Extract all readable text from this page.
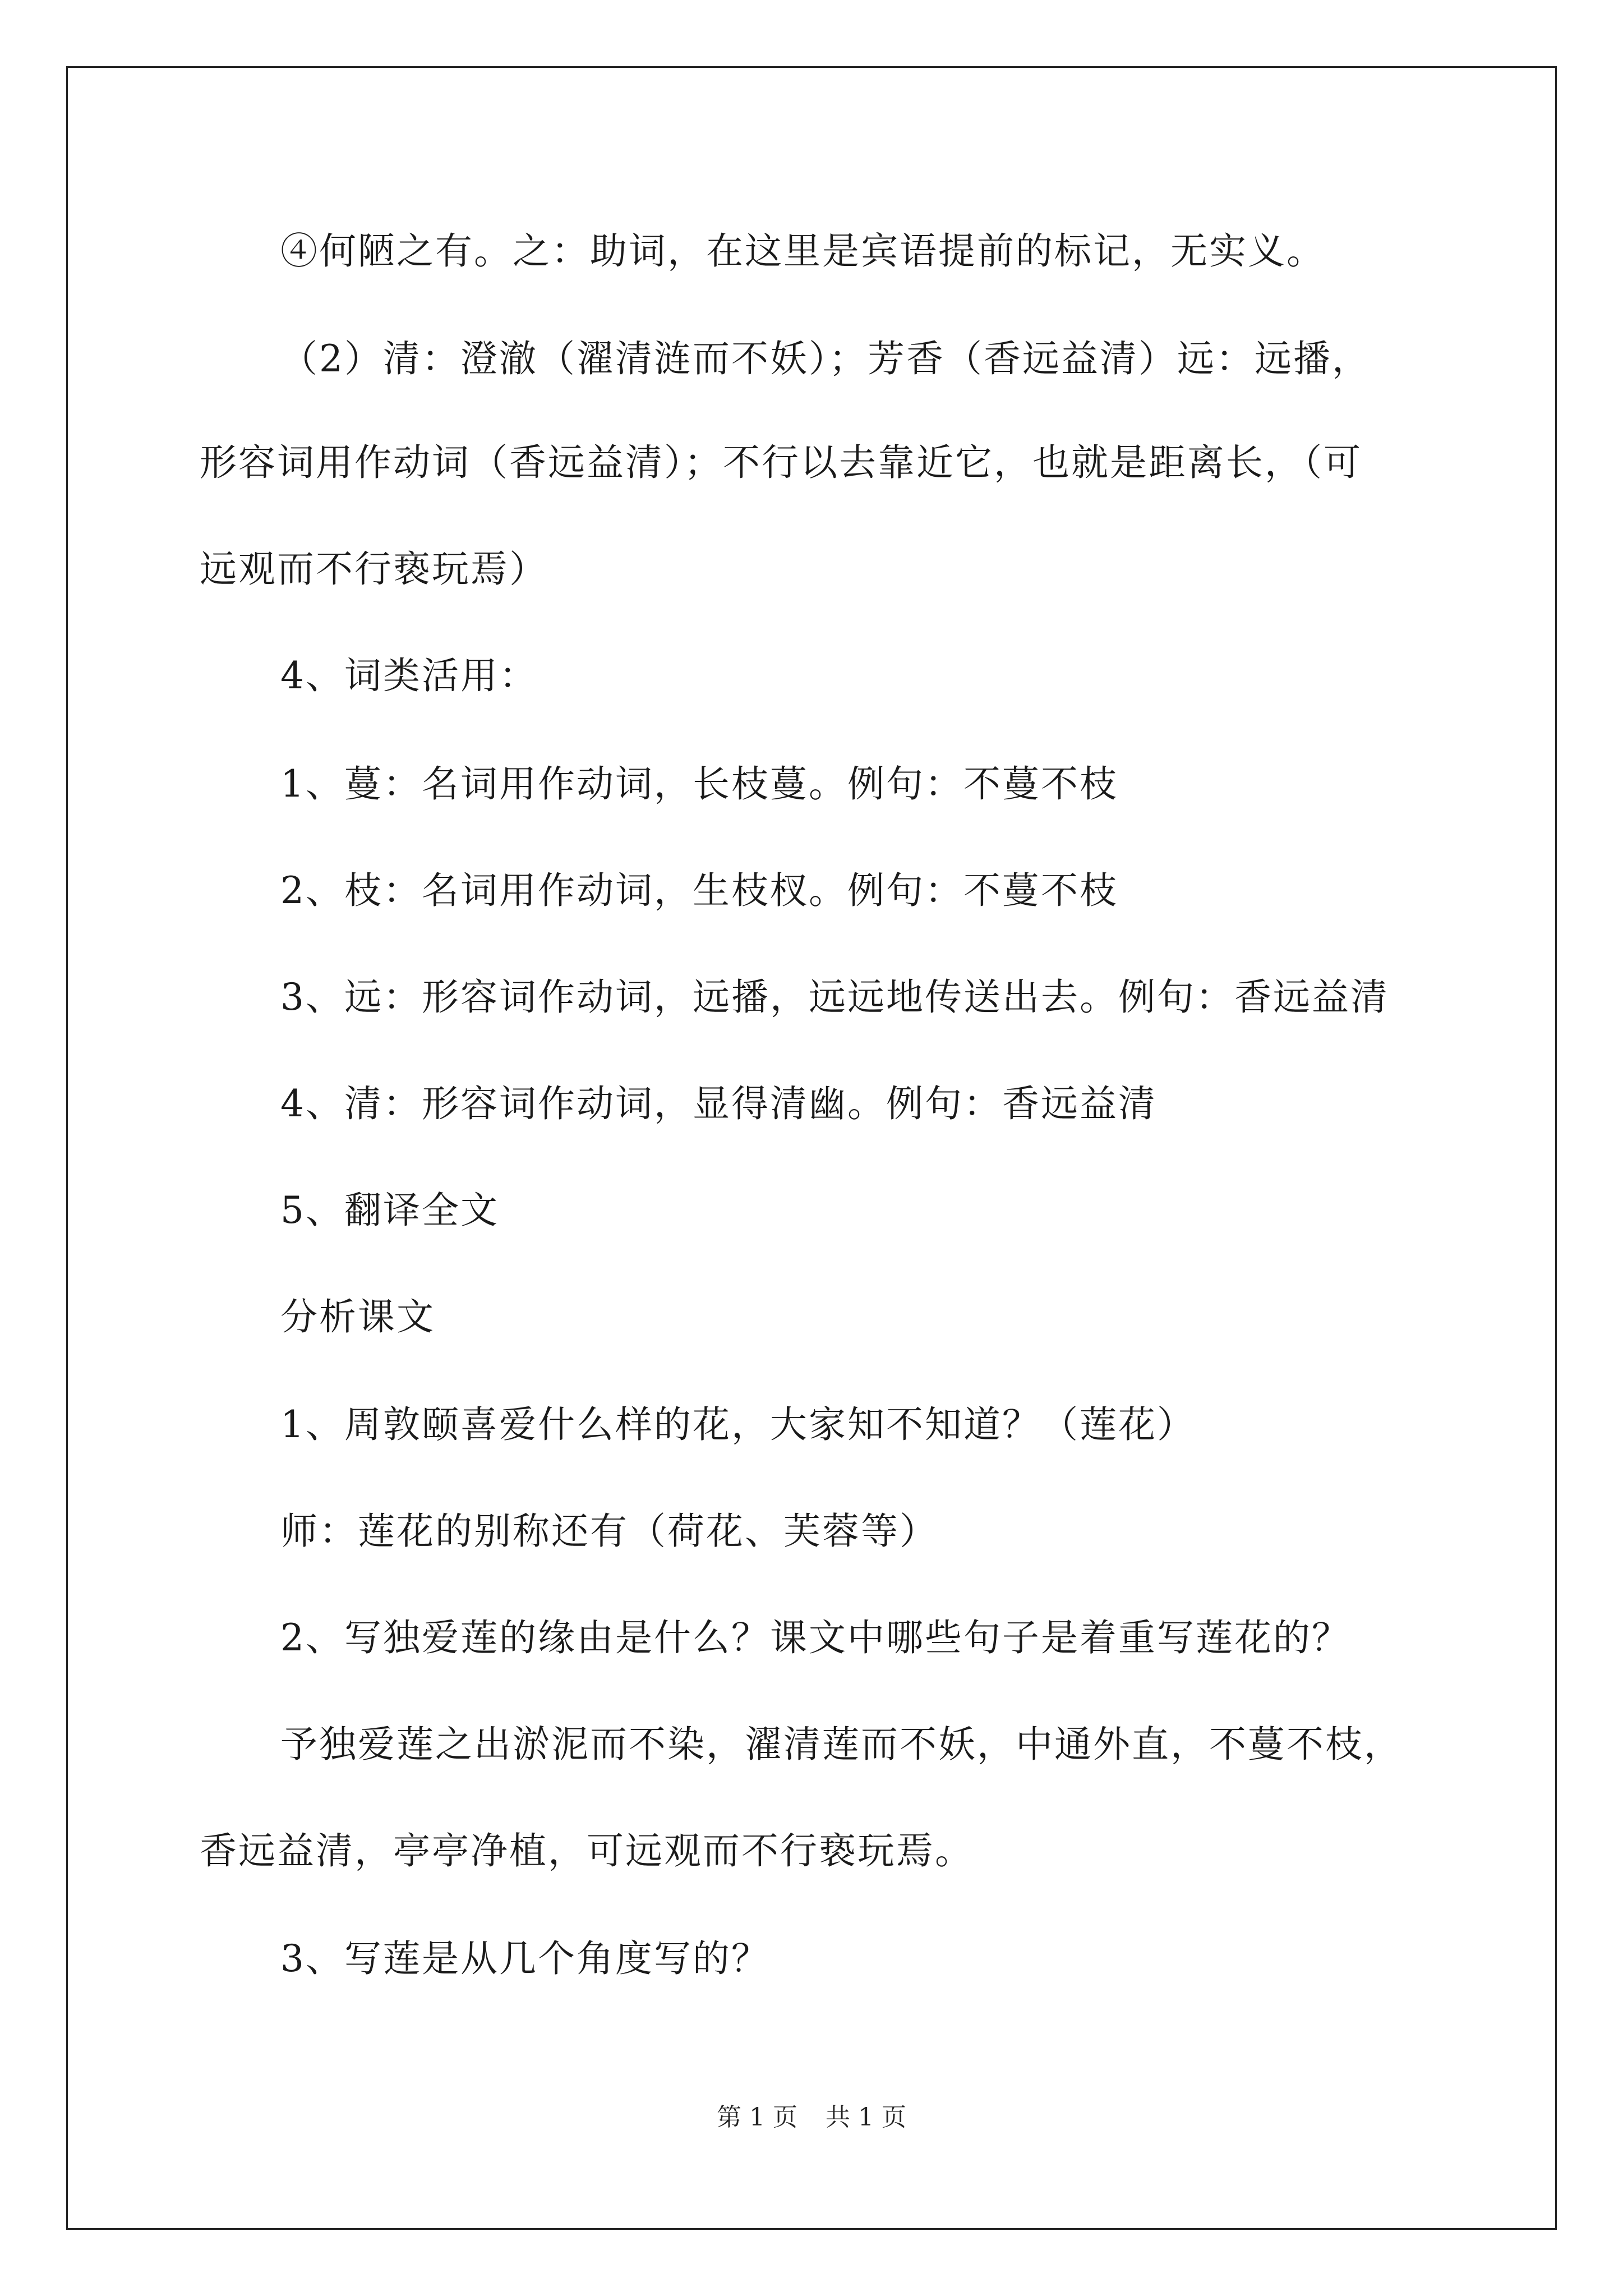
④何陋之有。之：助词，在这里是宾语提前的标记，无实义。
（2）清：澄澈（濯清涟而不妖）；芳香（香远益清）远：远播，
形容词用作动词（香远益清）；不行以去靠近它，也就是距离长，（可
远观而不行亵玩焉）
4、词类活用：
1、蔓：名词用作动词，长枝蔓。例句：不蔓不枝
2、枝：名词用作动词，生枝杈。例句：不蔓不枝
3、远：形容词作动词，远播，远远地传送出去。例句：香远益清
4、清：形容词作动词，显得清幽。例句：香远益清
5、翻译全文
分析课文
1、周敦颐喜爱什么样的花，大家知不知道？（莲花）
师：莲花的别称还有（荷花、芙蓉等）
2、写独爱莲的缘由是什么？课文中哪些句子是着重写莲花的？
予独爱莲之出淤泥而不染，濯清莲而不妖，中通外直，不蔓不枝，
香远益清，亭亭净植，可远观而不行亵玩焉。
3、写莲是从几个角度写的？
第 1 页 共 1 页
